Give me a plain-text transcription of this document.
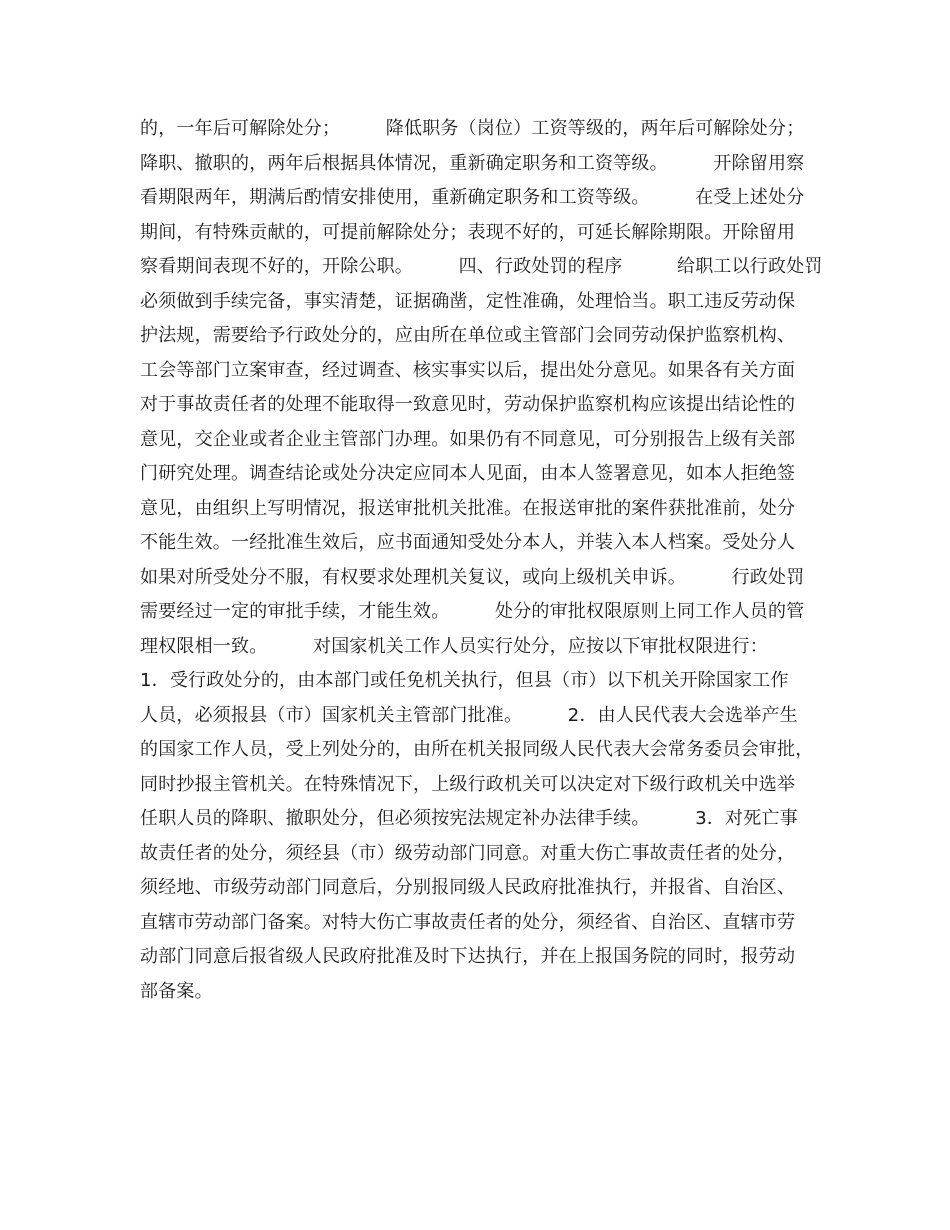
的，一年后可解除处分；　　　降低职务（岗位）工资等级的，两年后可解除处分；
降职、撤职的，两年后根据具体情况，重新确定职务和工资等级。　　　开除留用察
看期限两年，期满后酌情安排使用，重新确定职务和工资等级。　　　在受上述处分
期间，有特殊贡献的，可提前解除处分；表现不好的，可延长解除期限。开除留用
察看期间表现不好的，开除公职。　　　四、行政处罚的程序　　　给职工以行政处罚
必须做到手续完备，事实清楚，证据确凿，定性准确，处理恰当。职工违反劳动保
护法规，需要给予行政处分的，应由所在单位或主管部门会同劳动保护监察机构、
工会等部门立案审查，经过调查、核实事实以后，提出处分意见。如果各有关方面
对于事故责任者的处理不能取得一致意见时，劳动保护监察机构应该提出结论性的
意见，交企业或者企业主管部门办理。如果仍有不同意见，可分别报告上级有关部
门研究处理。调查结论或处分决定应同本人见面，由本人签署意见，如本人拒绝签
意见，由组织上写明情况，报送审批机关批准。在报送审批的案件获批准前，处分
不能生效。一经批准生效后，应书面通知受处分本人，并装入本人档案。受处分人
如果对所受处分不服，有权要求处理机关复议，或向上级机关申诉。　　　行政处罚
需要经过一定的审批手续，才能生效。　　　处分的审批权限原则上同工作人员的管
理权限相一致。　　　对国家机关工作人员实行处分，应按以下审批权限进行：
1．受行政处分的，由本部门或任免机关执行，但县（市）以下机关开除国家工作
人员，必须报县（市）国家机关主管部门批准。　　　2．由人民代表大会选举产生
的国家工作人员，受上列处分的，由所在机关报同级人民代表大会常务委员会审批，
同时抄报主管机关。在特殊情况下，上级行政机关可以决定对下级行政机关中选举
任职人员的降职、撤职处分，但必须按宪法规定补办法律手续。　　　3．对死亡事
故责任者的处分，须经县（市）级劳动部门同意。对重大伤亡事故责任者的处分，
须经地、市级劳动部门同意后，分别报同级人民政府批准执行，并报省、自治区、
直辖市劳动部门备案。对特大伤亡事故责任者的处分，须经省、自治区、直辖市劳
动部门同意后报省级人民政府批准及时下达执行，并在上报国务院的同时，报劳动
部备案。
